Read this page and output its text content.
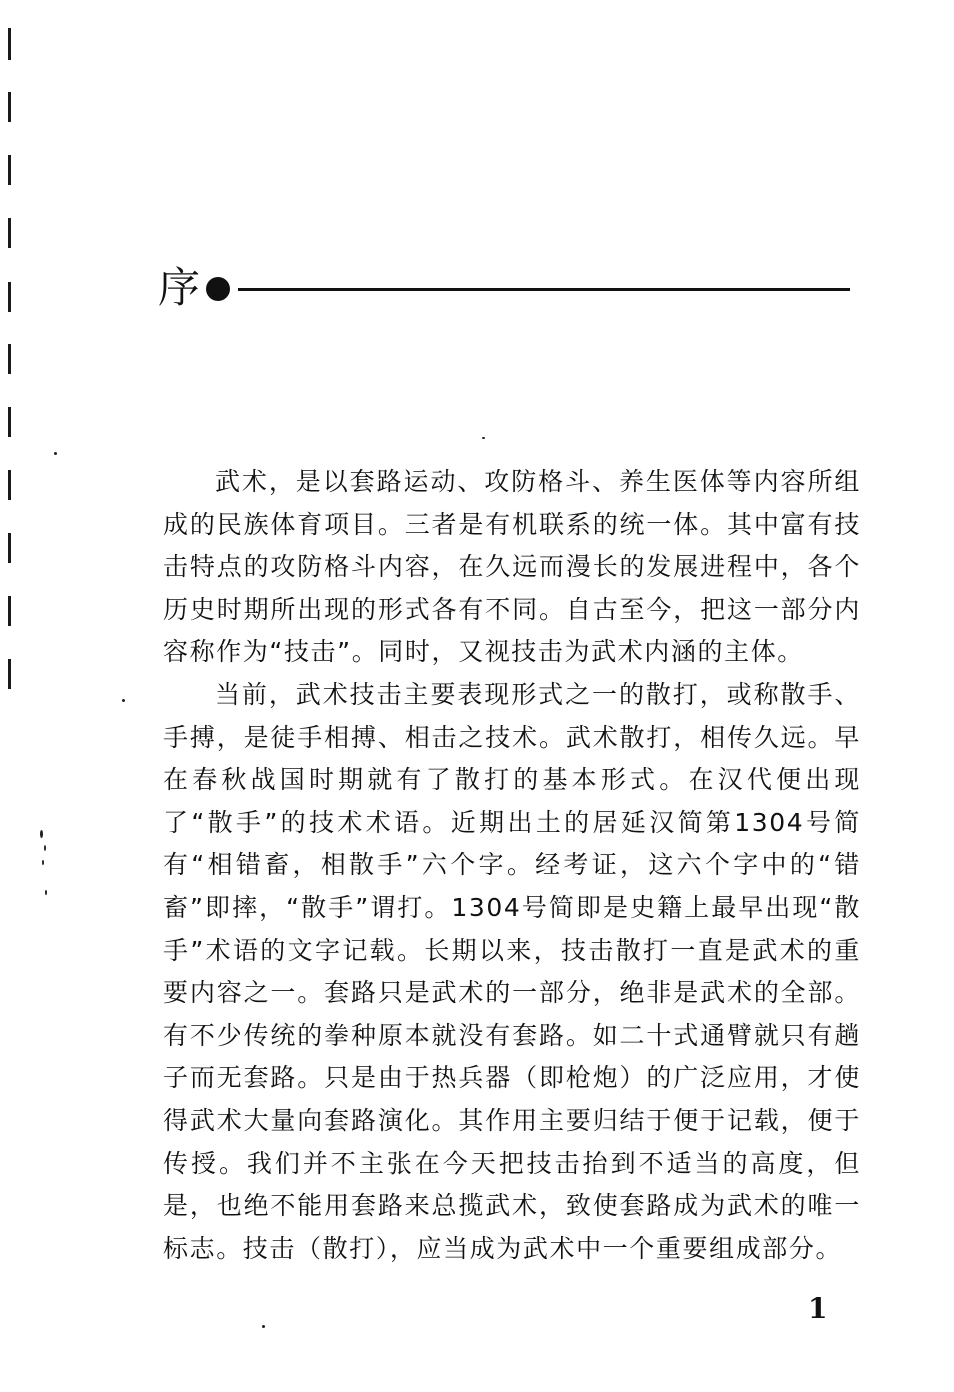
序

武术，是以套路运动、攻防格斗、养生医体等内容所组成的民族体育项目。三者是有机联系的统一体。其中富有技击特点的攻防格斗内容，在久远而漫长的发展进程中，各个历史时期所出现的形式各有不同。自古至今，把这一部分内容称作为“技击”。同时，又视技击为武术内涵的主体。

当前，武术技击主要表现形式之一的散打，或称散手、手搏，是徒手相搏、相击之技术。武术散打，相传久远。早在春秋战国时期就有了散打的基本形式。在汉代便出现了“散手”的技术术语。近期出土的居延汉简第1304号简有“相错畜，相散手”六个字。经考证，这六个字中的“错畜”即摔，“散手”谓打。1304号简即是史籍上最早出现“散手”术语的文字记载。长期以来，技击散打一直是武术的重要内容之一。套路只是武术的一部分，绝非是武术的全部。有不少传统的拳种原本就没有套路。如二十式通臂就只有趟子而无套路。只是由于热兵器（即枪炮）的广泛应用，才使得武术大量向套路演化。其作用主要归结于便于记载，便于传授。我们并不主张在今天把技击抬到不适当的高度，但是，也绝不能用套路来总揽武术，致使套路成为武术的唯一标志。技击（散打），应当成为武术中一个重要组成部分。

1
